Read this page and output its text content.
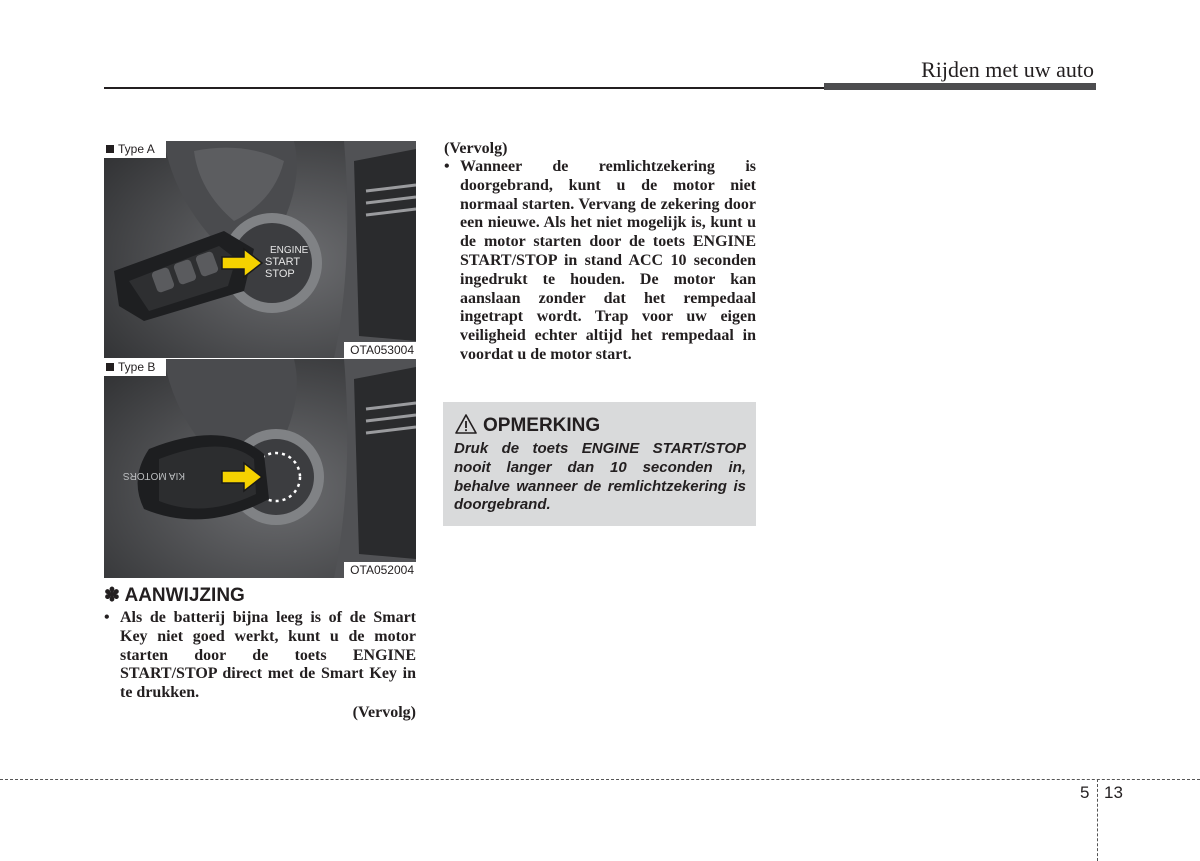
Rijden met uw auto
Type A
ENGINE
START
STOP
OTA053004
Type B
KIA MOTORS
OTA052004
✽ AANWIJZING
• Als de batterij bijna leeg is of de Smart Key niet goed werkt, kunt u de motor starten door de toets ENGINE START/STOP direct met de Smart Key in te drukken.
(Vervolg)
(Vervolg)
• Wanneer de remlichtzekering is doorgebrand, kunt u de motor niet normaal starten. Vervang de zekering door een nieuwe. Als het niet mogelijk is, kunt u de motor starten door de toets ENGINE START/STOP in stand ACC 10 seconden ingedrukt te houden. De motor kan aanslaan zonder dat het rempedaal ingetrapt wordt. Trap voor uw eigen veiligheid echter altijd het rempedaal in voordat u de motor start.
OPMERKING
Druk de toets ENGINE START/STOP nooit langer dan 10 seconden in, behalve wanneer de remlichtzekering is doorgebrand.
5 13
